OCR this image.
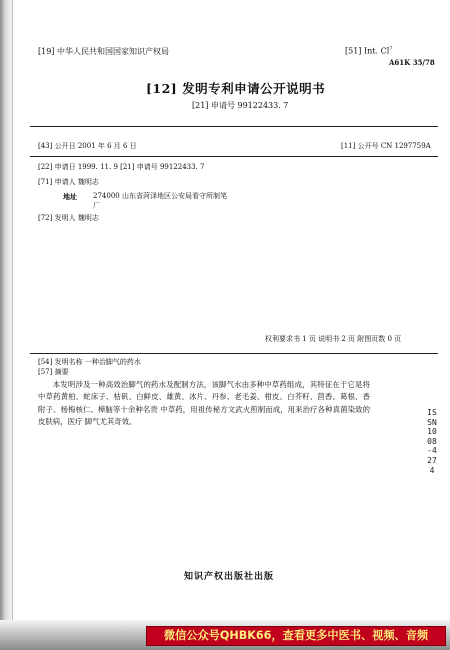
[19] 中华人民共和国国家知识产权局	[51] Int. Cl$^7$
A61K 35/78
[12] 发明专利申请公开说明书
[21] 申请号 99122433. 7
[43] 公开日 2001 年 6 月 6 日	[11] 公开号 CN 1297759A
[22] 申请日 1999. 11. 9 [21] 申请号 99122433. 7
[71] 申请人 魏明志
地址 274000 山东省菏泽地区公安局看守所制笔
厂
[72] 发明人 魏明志
权利要求书 1 页 说明书 2 页 附图页数 0 页
[54] 发明名称 一种治脚气的药水
[57] 摘要
本发明涉及一种高效治脚气的药水及配制方法，该脚气水由多种中草药组成，其特征在于它是将中草药黄柏、蛇床子、枯矾、白鲜皮、雄黄、冰片、丹参、老毛姜、柑皮、白芥籽、茴香、葛根、香附子、杨梅核仁、樟脑等十余种名贵 中草药，用祖传秘方文武火煎制而成，用来治疗各种真菌染致的皮肤病，医疗 脚气尤其奇效。
ISSN1008-4274
知识产权出版社出版
微信公众号QHBK66，查看更多中医书、视频、音频
